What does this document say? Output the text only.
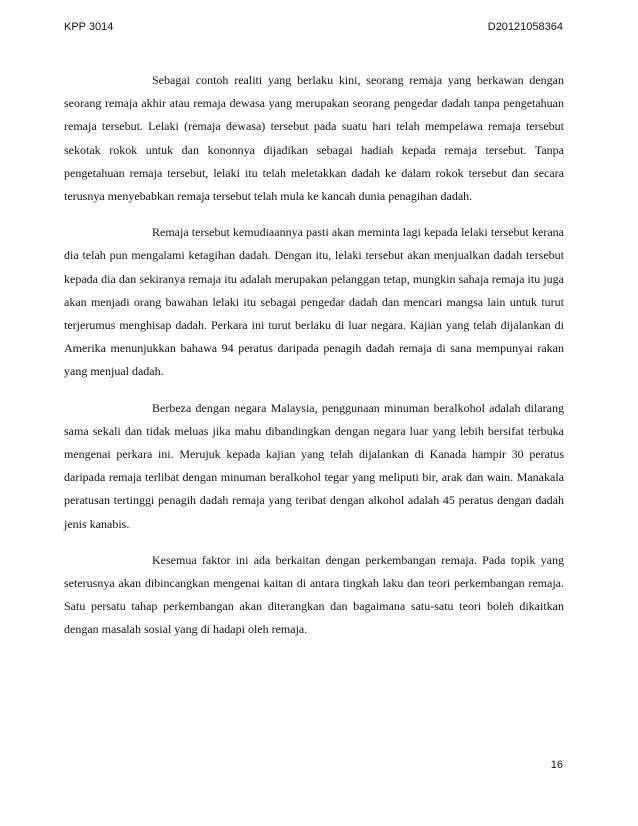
KPP 3014	D20121058364

Sebagai contoh realiti yang berlaku kini, seorang remaja yang berkawan dengan seorang remaja akhir atau remaja dewasa yang merupakan seorang pengedar dadah tanpa pengetahuan remaja tersebut. Lelaki (remaja dewasa) tersebut pada suatu hari telah mempelawa remaja tersebut sekotak rokok untuk dan kononnya dijadikan sebagai hadiah kepada remaja tersebut. Tanpa pengetahuan remaja tersebut, lelaki itu telah meletakkan dadah ke dalam rokok tersebut dan secara terusnya menyebabkan remaja tersebut telah mula ke kancah dunia penagihan dadah.

Remaja tersebut kemudiaannya pasti akan meminta lagi kepada lelaki tersebut kerana dia telah pun mengalami ketagihan dadah. Dengan itu, lelaki tersebut akan menjualkan dadah tersebut kepada dia dan sekiranya remaja itu adalah merupakan pelanggan tetap, mungkin sahaja remaja itu juga akan menjadi orang bawahan lelaki itu sebagai pengedar dadah dan mencari mangsa lain untuk turut terjerumus menghisap dadah. Perkara ini turut berlaku di luar negara. Kajian yang telah dijalankan di Amerika menunjukkan bahawa 94 peratus daripada penagih dadah remaja di sana mempunyai rakan yang menjual dadah.

Berbeza dengan negara Malaysia, penggunaan minuman beralkohol adalah dilarang sama sekali dan tidak meluas jika mahu dibandingkan dengan negara luar yang lebih bersifat terbuka mengenai perkara ini. Merujuk kepada kajian yang telah dijalankan di Kanada hampir 30 peratus daripada remaja terlibat dengan minuman beralkohol tegar yang meliputi bir, arak dan wain. Manakala peratusan tertinggi penagih dadah remaja yang teribat dengan alkohol adalah 45 peratus dengan dadah jenis kanabis.

Kesemua faktor ini ada berkaitan dengan perkembangan remaja. Pada topik yang seterusnya akan dibincangkan mengenai kaitan di antara tingkah laku dan teori perkembangan remaja. Satu persatu tahap perkembangan akan diterangkan dan bagaimana satu-satu teori boleh dikaitkan dengan masalah sosial yang di hadapi oleh remaja.

16
